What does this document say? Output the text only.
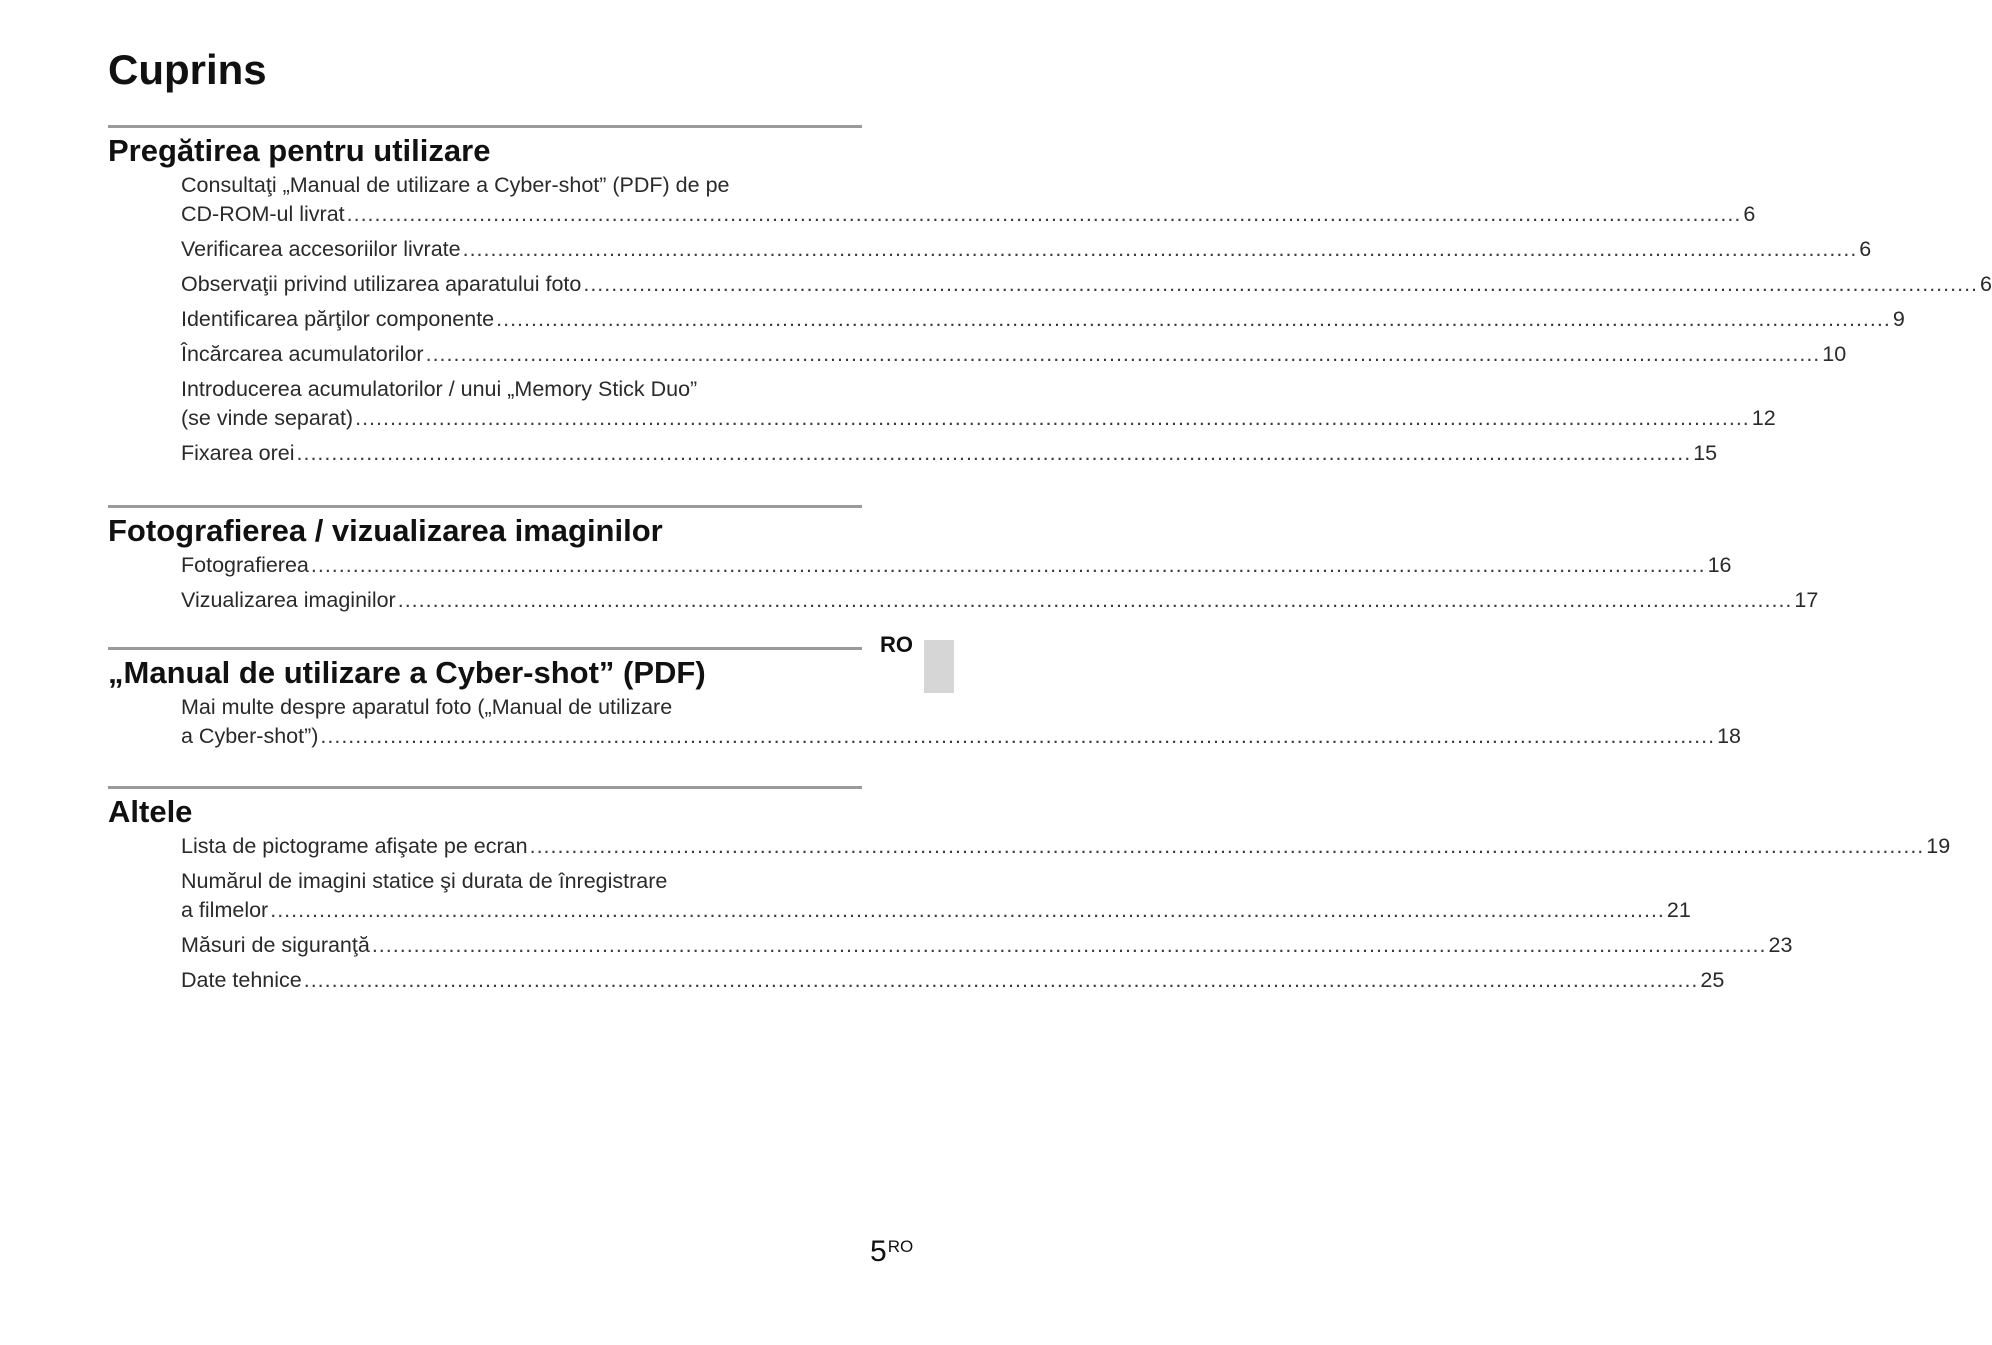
Cuprins
Pregătirea pentru utilizare
Consultaţi „Manual de utilizare a Cyber-shot” (PDF) de pe
CD-ROM-ul livrat ........................................................................................................................................................................................................ 6
Verificarea accesoriilor livrate ........................................................................................................................................................................................................ 6
Observaţii privind utilizarea aparatului foto ........................................................................................................................................................................................................ 6
Identificarea părţilor componente ........................................................................................................................................................................................................ 9
Încărcarea acumulatorilor ........................................................................................................................................................................................................ 10
Introducerea acumulatorilor / unui „Memory Stick Duo”
(se vinde separat) ........................................................................................................................................................................................................ 12
Fixarea orei ........................................................................................................................................................................................................ 15
Fotografierea / vizualizarea imaginilor
Fotografierea ........................................................................................................................................................................................................ 16
Vizualizarea imaginilor ........................................................................................................................................................................................................ 17
„Manual de utilizare a Cyber-shot” (PDF)
Mai multe despre aparatul foto („Manual de utilizare
a Cyber-shot”) ........................................................................................................................................................................................................ 18
Altele
Lista de pictograme afişate pe ecran ........................................................................................................................................................................................................ 19
Numărul de imagini statice şi durata de înregistrare
a filmelor ........................................................................................................................................................................................................ 21
Măsuri de siguranţă ........................................................................................................................................................................................................ 23
Date tehnice ........................................................................................................................................................................................................ 25
RO
$5^{RO}$
